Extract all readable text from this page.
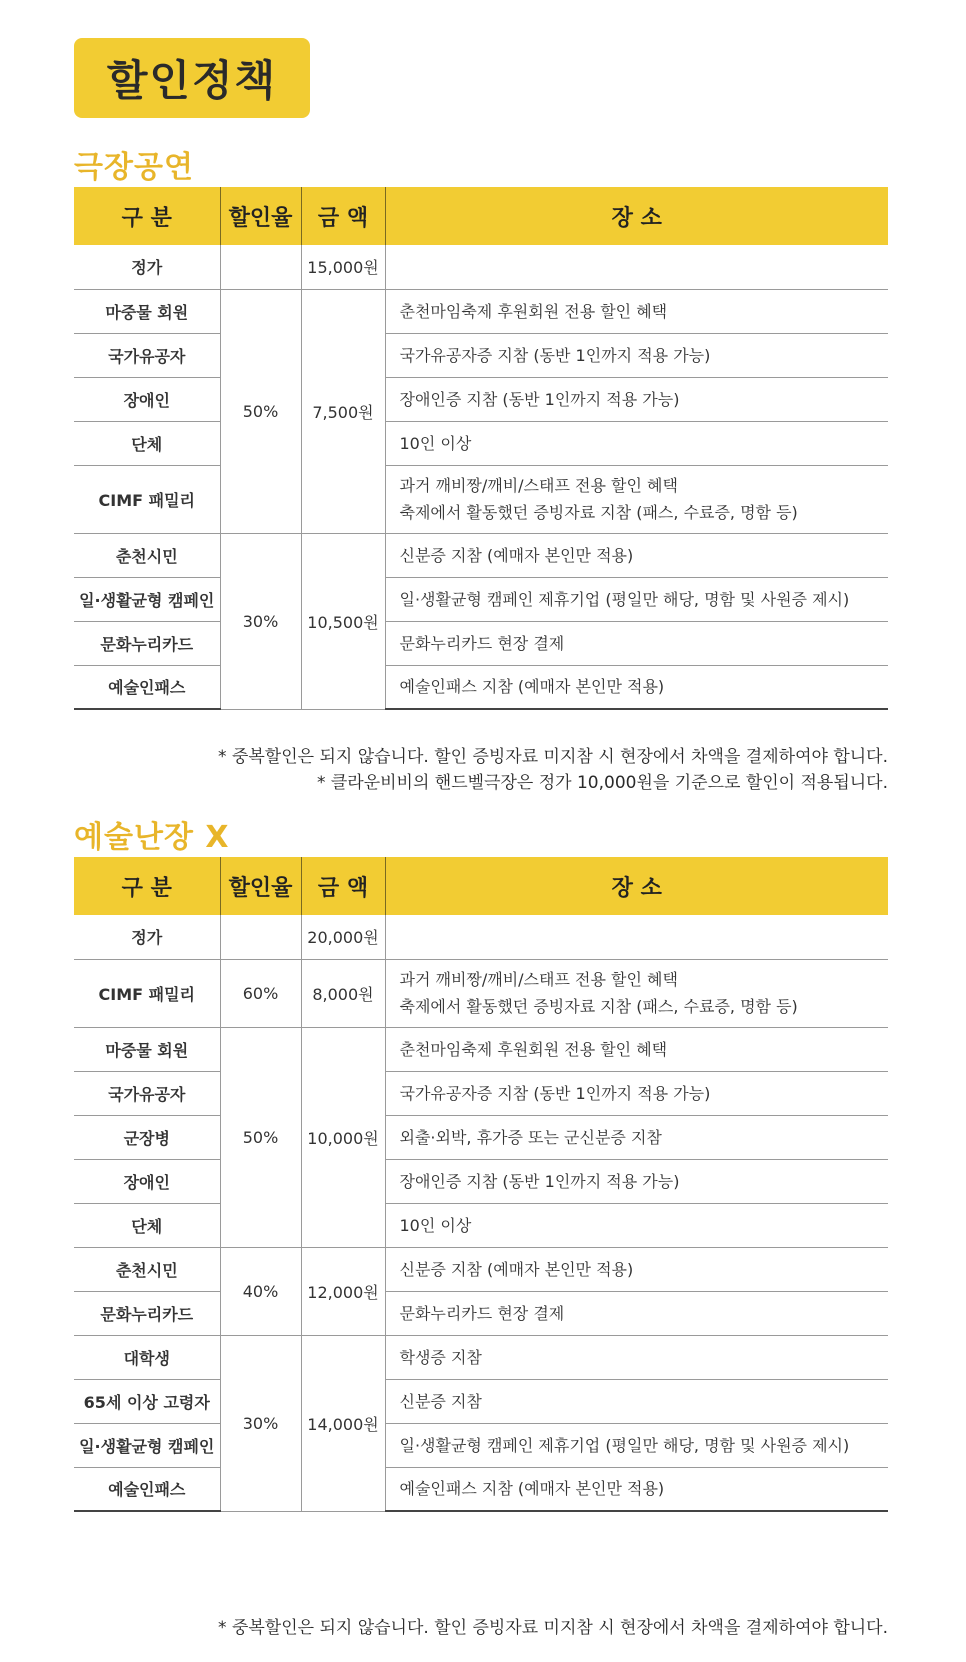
할인정책
극장공연
구 분	할인율	금 액	장 소
정가		15,000원	
마중물 회원	50%	7,500원	춘천마임축제 후원회원 전용 할인 혜택
국가유공자			국가유공자증 지참 (동반 1인까지 적용 가능)
장애인			장애인증 지참 (동반 1인까지 적용 가능)
단체			10인 이상
CIMF 패밀리			과거 깨비짱/깨비/스태프 전용 할인 혜택
축제에서 활동했던 증빙자료 지참 (패스, 수료증, 명함 등)

춘천시민	30%	10,500원	신분증 지참 (예매자 본인만 적용)
일·생활균형 캠페인			일·생활균형 캠페인 제휴기업 (평일만 해당, 명함 및 사원증 제시)
문화누리카드			문화누리카드 현장 결제
예술인패스			예술인패스 지참 (예매자 본인만 적용)
* 중복할인은 되지 않습니다. 할인 증빙자료 미지참 시 현장에서 차액을 결제하여야 합니다.
* 클라운비비의 핸드벨극장은 정가 10,000원을 기준으로 할인이 적용됩니다.
예술난장 X
구 분	할인율	금 액	장 소
정가		20,000원	
CIMF 패밀리	60%	8,000원	과거 깨비짱/깨비/스태프 전용 할인 혜택
축제에서 활동했던 증빙자료 지참 (패스, 수료증, 명함 등)

마중물 회원	50%	10,000원	춘천마임축제 후원회원 전용 할인 혜택
국가유공자			국가유공자증 지참 (동반 1인까지 적용 가능)
군장병			외출·외박, 휴가증 또는 군신분증 지참
장애인			장애인증 지참 (동반 1인까지 적용 가능)
단체			10인 이상
춘천시민	40%	12,000원	신분증 지참 (예매자 본인만 적용)
문화누리카드			문화누리카드 현장 결제
대학생	30%	14,000원	학생증 지참
65세 이상 고령자			신분증 지참
일·생활균형 캠페인			일·생활균형 캠페인 제휴기업 (평일만 해당, 명함 및 사원증 제시)
예술인패스			예술인패스 지참 (예매자 본인만 적용)
* 중복할인은 되지 않습니다. 할인 증빙자료 미지참 시 현장에서 차액을 결제하여야 합니다.
